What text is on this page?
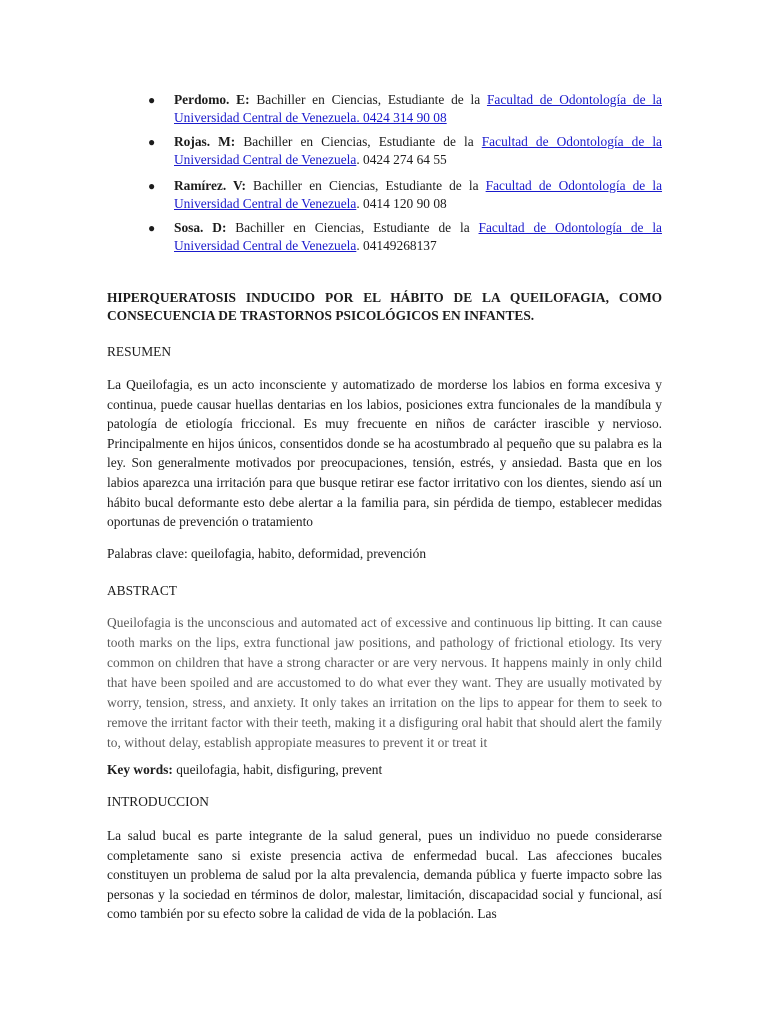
● Perdomo. E: Bachiller en Ciencias, Estudiante de la Facultad de Odontología de la Universidad Central de Venezuela. 0424 314 90 08
● Rojas. M: Bachiller en Ciencias, Estudiante de la Facultad de Odontología de la Universidad Central de Venezuela. 0424 274 64 55
● Ramírez. V: Bachiller en Ciencias, Estudiante de la Facultad de Odontología de la Universidad Central de Venezuela. 0414 120 90 08
● Sosa. D: Bachiller en Ciencias, Estudiante de la Facultad de Odontología de la Universidad Central de Venezuela. 04149268137

HIPERQUERATOSIS INDUCIDO POR EL HÁBITO DE LA QUEILOFAGIA, COMO CONSECUENCIA DE TRASTORNOS PSICOLÓGICOS EN INFANTES.

RESUMEN

La Queilofagia, es un acto inconsciente y automatizado de morderse los labios en forma excesiva y continua, puede causar huellas dentarias en los labios, posiciones extra funcionales de la mandíbula y patología de etiología friccional. Es muy frecuente en niños de carácter irascible y nervioso. Principalmente en hijos únicos, consentidos donde se ha acostumbrado al pequeño que su palabra es la ley. Son generalmente motivados por preocupaciones, tensión, estrés, y ansiedad. Basta que en los labios aparezca una irritación para que busque retirar ese factor irritativo con los dientes, siendo así un hábito bucal deformante esto debe alertar a la familia para, sin pérdida de tiempo, establecer medidas oportunas de prevención o tratamiento

Palabras clave: queilofagia, habito, deformidad, prevención

ABSTRACT

Queilofagia is the unconscious and automated act of excessive and continuous lip bitting. It can cause tooth marks on the lips, extra functional jaw positions, and pathology of frictional etiology. Its very common on children that have a strong character or are very nervous. It happens mainly in only child that have been spoiled and are accustomed to do what ever they want. They are usually motivated by worry, tension, stress, and anxiety. It only takes an irritation on the lips to appear for them to seek to remove the irritant factor with their teeth, making it a disfiguring oral habit that should alert the family to, without delay, establish appropiate measures to prevent it or treat it

Key words: queilofagia, habit, disfiguring, prevent

INTRODUCCION

La salud bucal es parte integrante de la salud general, pues un individuo no puede considerarse completamente sano si existe presencia activa de enfermedad bucal. Las afecciones bucales constituyen un problema de salud por la alta prevalencia, demanda pública y fuerte impacto sobre las personas y la sociedad en términos de dolor, malestar, limitación, discapacidad social y funcional, así como también por su efecto sobre la calidad de vida de la población. Las
